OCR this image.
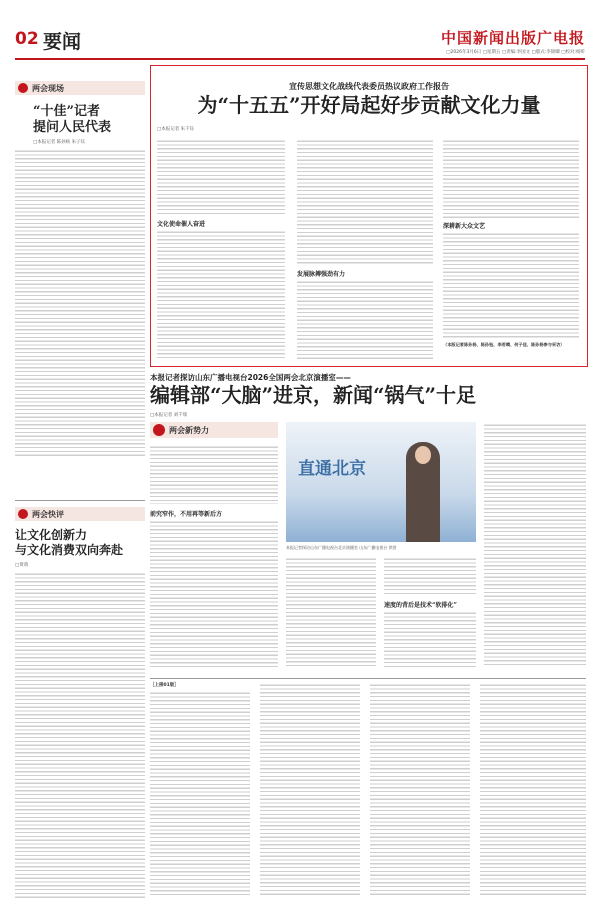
02 要闻	中国新闻出版广电报
□2026年3月6日 □星期五 □责编:李国文 □版式:李锦卿 □校对:杨昕
两会现场
“十佳”记者
提问人民代表
□本报记者 陈孙杨 朱子钰
两会快评
让文化创新力
与文化消费双向奔赴
□黄萌
宣传思想文化战线代表委员热议政府工作报告
为“十五五”开好局起好步贡献文化力量
□本报记者 朱千钰
文化使命催人奋进
发展脉搏强劲有力
深耕新大众文艺
（本版记者陈孙杨、陈孙钰、李若晴、何子佳、陈孙杨参与采访）
本报记者探访山东广播电视台2026全国两会北京演播室——
编辑部“大脑”进京，新闻“锅气”十足
□本报记者 刘千瑞
两会新势力
前究窄作，不用再等新后方
直通北京
本报记者探访山东广播电视台北京演播室 山东广播电视台 供图
速度的背后是技术“软排化”
［上接01版］
